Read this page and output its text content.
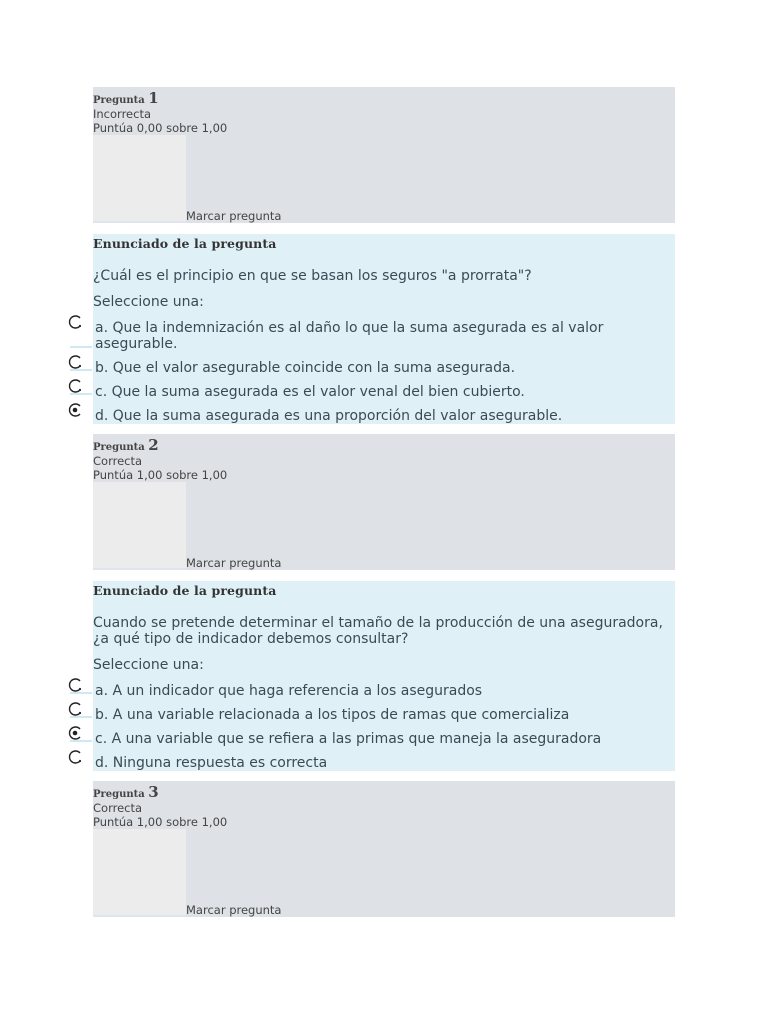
Pregunta 1
Incorrecta
Puntúa 0,00 sobre 1,00
Marcar pregunta
Enunciado de la pregunta
¿Cuál es el principio en que se basan los seguros "a prorrata"?
Seleccione una:
a. Que la indemnización es al daño lo que la suma asegurada es al valor asegurable.
b. Que el valor asegurable coincide con la suma asegurada.
c. Que la suma asegurada es el valor venal del bien cubierto.
d. Que la suma asegurada es una proporción del valor asegurable.
Pregunta 2
Correcta
Puntúa 1,00 sobre 1,00
Marcar pregunta
Enunciado de la pregunta
Cuando se pretende determinar el tamaño de la producción de una aseguradora, ¿a qué tipo de indicador debemos consultar?
Seleccione una:
a. A un indicador que haga referencia a los asegurados
b. A una variable relacionada a los tipos de ramas que comercializa
c. A una variable que se refiera a las primas que maneja la aseguradora
d. Ninguna respuesta es correcta
Pregunta 3
Correcta
Puntúa 1,00 sobre 1,00
Marcar pregunta
